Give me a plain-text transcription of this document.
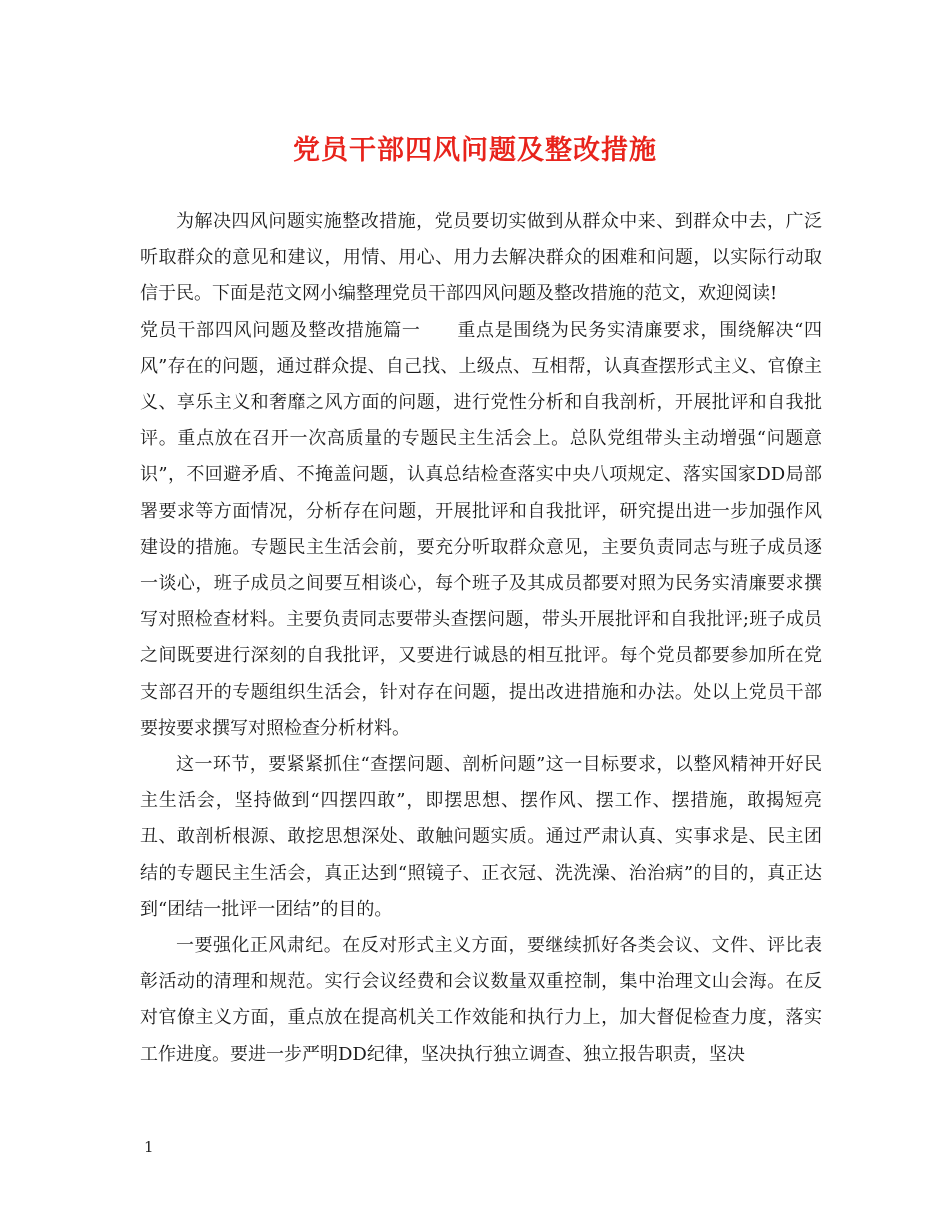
党员干部四风问题及整改措施

为解决四风问题实施整改措施，党员要切实做到从群众中来、到群众中去，广泛听取群众的意见和建议，用情、用心、用力去解决群众的困难和问题，以实际行动取信于民。下面是范文网小编整理党员干部四风问题及整改措施的范文，欢迎阅读!

党员干部四风问题及整改措施篇一 重点是围绕为民务实清廉要求，围绕解决“四风”存在的问题，通过群众提、自己找、上级点、互相帮，认真查摆形式主义、官僚主义、享乐主义和奢靡之风方面的问题，进行党性分析和自我剖析，开展批评和自我批评。重点放在召开一次高质量的专题民主生活会上。总队党组带头主动增强“问题意识”，不回避矛盾、不掩盖问题，认真总结检查落实中央八项规定、落实国家DD局部署要求等方面情况，分析存在问题，开展批评和自我批评，研究提出进一步加强作风建设的措施。专题民主生活会前，要充分听取群众意见，主要负责同志与班子成员逐一谈心，班子成员之间要互相谈心，每个班子及其成员都要对照为民务实清廉要求撰写对照检查材料。主要负责同志要带头查摆问题，带头开展批评和自我批评;班子成员之间既要进行深刻的自我批评，又要进行诚恳的相互批评。每个党员都要参加所在党支部召开的专题组织生活会，针对存在问题，提出改进措施和办法。处以上党员干部要按要求撰写对照检查分析材料。

这一环节，要紧紧抓住“查摆问题、剖析问题”这一目标要求，以整风精神开好民主生活会，坚持做到“四摆四敢”，即摆思想、摆作风、摆工作、摆措施，敢揭短亮丑、敢剖析根源、敢挖思想深处、敢触问题实质。通过严肃认真、实事求是、民主团结的专题民主生活会，真正达到“照镜子、正衣冠、洗洗澡、治治病”的目的，真正达到“团结一批评一团结”的目的。

一要强化正风肃纪。在反对形式主义方面，要继续抓好各类会议、文件、评比表彰活动的清理和规范。实行会议经费和会议数量双重控制，集中治理文山会海。在反对官僚主义方面，重点放在提高机关工作效能和执行力上，加大督促检查力度，落实工作进度。要进一步严明DD纪律，坚决执行独立调查、独立报告职责，坚决

1
